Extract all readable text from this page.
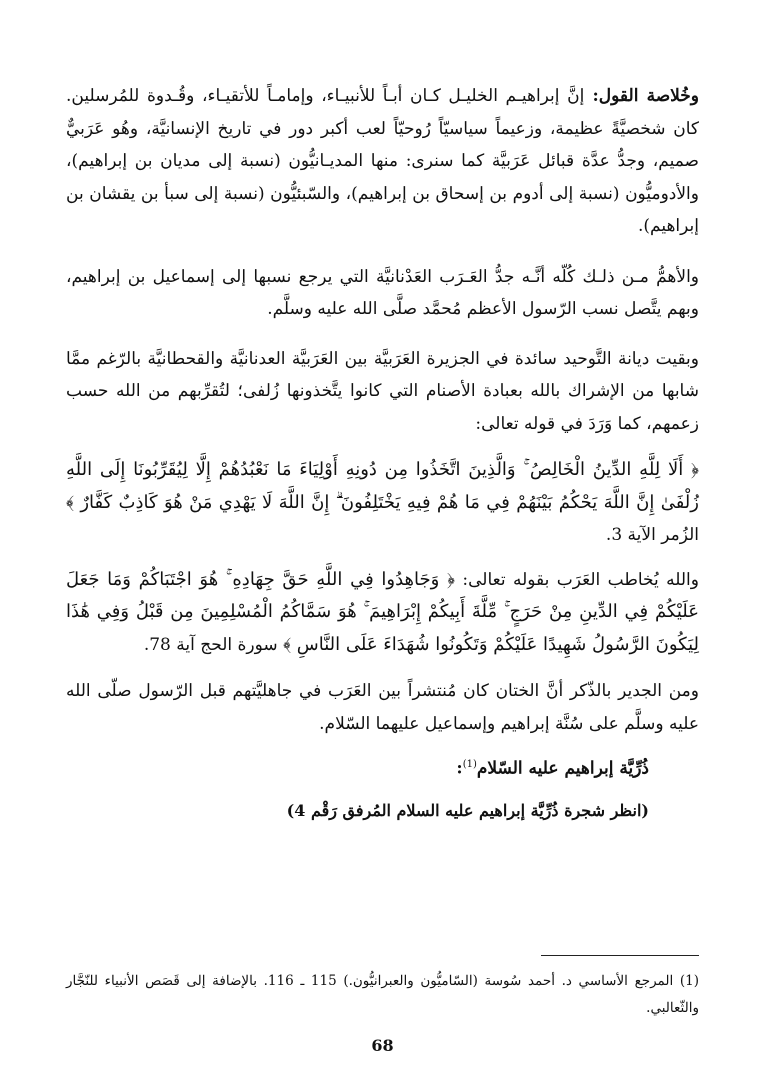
وخُلاصة القول: إنَّ إبراهيـم الخليـل كـان أبـاً للأنبيـاء، وإمامـاً للأتقيـاء، وقُـدوة للمُرسلين. كان شخصيَّةً عظيمة، وزعيماً سياسيّاً رُوحيّاً لعب أكبر دور في تاريخ الإنسانيَّة، وهُو عَرَبيٌّ صميم، وجدُّ عدَّة قبائل عَرَبيَّة كما سنرى: منها المديـانيُّون (نسبة إلى مديان بن إبراهيم)، والأدوميُّون (نسبة إلى أدوم بن إسحاق بن إبراهيم)، والسّبئيُّون (نسبة إلى سبأ بن يقشان بن إبراهيم).

والأهمُّ مـن ذلـك كُلّه أنَّـه جدُّ العَـرَب العَدْنانيَّة التي يرجع نسبها إلى إسماعيل بن إبراهيم، وبهم يتَّصل نسب الرّسول الأعظم مُحمَّد صلَّى الله عليه وسلَّم.

وبقيت ديانة التَّوحيد سائدة في الجزيرة العَرَبيَّة بين العَرَبيَّة العدنانيَّة والقحطانيَّة بالرّغم ممَّا شابها من الإشراك بالله بعبادة الأصنام التي كانوا يتَّخذونها زُلفى؛ لتُقرِّبهم من الله حسب زعمهم، كما وَرَدَ في قوله تعالى:

﴿ أَلَا لِلَّهِ الدِّينُ الْخَالِصُ ۚ وَالَّذِينَ اتَّخَذُوا مِن دُونِهِ أَوْلِيَاءَ مَا نَعْبُدُهُمْ إِلَّا لِيُقَرِّبُونَا إِلَى اللَّهِ زُلْفَىٰ إِنَّ اللَّهَ يَحْكُمُ بَيْنَهُمْ فِي مَا هُمْ فِيهِ يَخْتَلِفُونَ ۗ إِنَّ اللَّهَ لَا يَهْدِي مَنْ هُوَ كَاذِبٌ كَفَّارٌ ﴾ الزُمر الآية 3.

والله يُخاطب العَرَب بقوله تعالى: ﴿ وَجَاهِدُوا فِي اللَّهِ حَقَّ جِهَادِهِ ۚ هُوَ اجْتَبَاكُمْ وَمَا جَعَلَ عَلَيْكُمْ فِي الدِّينِ مِنْ حَرَجٍ ۚ مِّلَّةَ أَبِيكُمْ إِبْرَاهِيمَ ۚ هُوَ سَمَّاكُمُ الْمُسْلِمِينَ مِن قَبْلُ وَفِي هَٰذَا لِيَكُونَ الرَّسُولُ شَهِيدًا عَلَيْكُمْ وَتَكُونُوا شُهَدَاءَ عَلَى النَّاسِ ﴾ سورة الحج آية 78.

ومن الجدير بالذّكر أنَّ الختان كان مُنتشراً بين العَرَب في جاهليَّتهم قبل الرّسول صلّى الله عليه وسلَّم على سُنَّة إبراهيم وإسماعيل عليهما السّلام.

ذُرِّيَّة إبراهيم عليه السّلام$^{(1)}$:
(انظر شجرة ذُرِّيَّة إبراهيم عليه السلام المُرفق رَقْم 4)
(1) المرجع الأساسي د. أحمد سُوسة (السّاميُّون والعبرانيُّون.) 115 ـ 116. بالإضافة إلى قَصَص الأنبياء للنّجَّار والثّعالبي.
68
